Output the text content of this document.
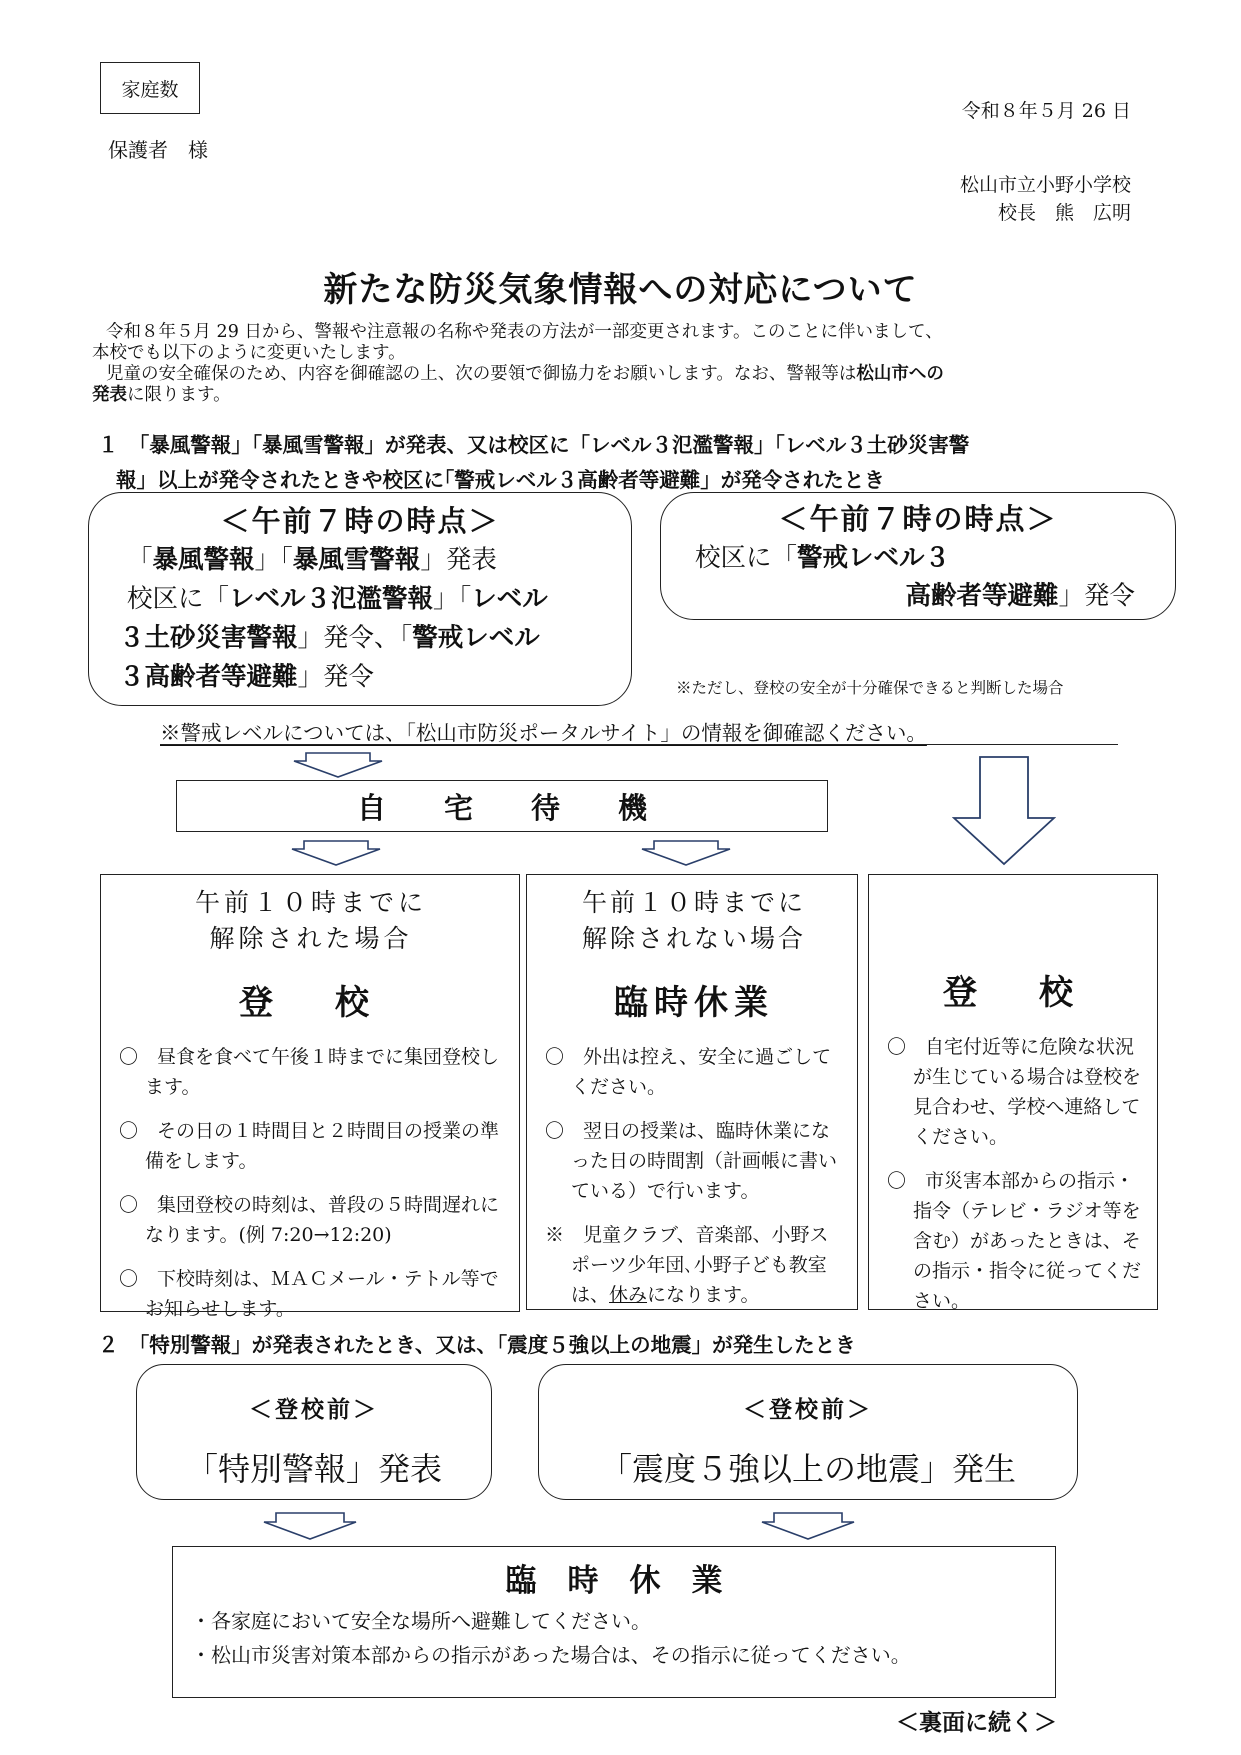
家庭数
令和８年５月 26 日
保護者　様
松山市立小野小学校
校長　熊　広明
新たな防災気象情報への対応について

令和８年５月 29 日から、警報や注意報の名称や発表の方法が一部変更されます。このことに伴いまして、

本校でも以下のように変更いたします。

児童の安全確保のため、内容を御確認の上、次の要領で御協力をお願いします。なお、警報等は松山市への

発表に限ります。

１　「暴風警報」｢暴風雪警報」が発表、又は校区に「レベル３氾濫警報」「レベル３土砂災害警

報」以上が発令されたときや校区に｢警戒レベル３高齢者等避難」が発令されたとき

＜午前７時の時点＞
「暴風警報」「暴風雪警報」発表
校区に「レベル３氾濫警報」「レベル
３土砂災害警報」発令、「警戒レベル
３高齢者等避難」発令
＜午前７時の時点＞
校区に「警戒レベル３
高齢者等避難」発令
※ただし、登校の安全が十分確保できると判断した場合
※警戒レベルについては、「松山市防災ポータルサイト」の情報を御確認ください。
自　　宅　　待　　機
午前１０時までに
解除された場合
登　校
〇　昼食を食べて午後１時までに集団登校します。
〇　その日の１時間目と２時間目の授業の準備をします。
〇　集団登校の時刻は、普段の５時間遅れになります。(例 7:20→12:20)
〇　下校時刻は、ＭＡＣメール・テトル等でお知らせします。
午前１０時までに
解除されない場合
臨時休業
〇　外出は控え、安全に過ごしてください。
〇　翌日の授業は、臨時休業になった日の時間割（計画帳に書いている）で行います。
※　児童クラブ、音楽部、小野スポーツ少年団､小野子ども教室は、休みになります。
登　校
〇　自宅付近等に危険な状況が生じている場合は登校を見合わせ、学校へ連絡してください。
〇　市災害本部からの指示・指令（テレビ・ラジオ等を含む）があったときは、その指示・指令に従ってください。
２　「特別警報」が発表されたとき、又は、「震度５強以上の地震」が発生したとき
＜登校前＞
「特別警報」発表
＜登校前＞
「震度５強以上の地震」発生
臨　時　休　業
・各家庭において安全な場所へ避難してください。
・松山市災害対策本部からの指示があった場合は、その指示に従ってください。
＜裏面に続く＞
